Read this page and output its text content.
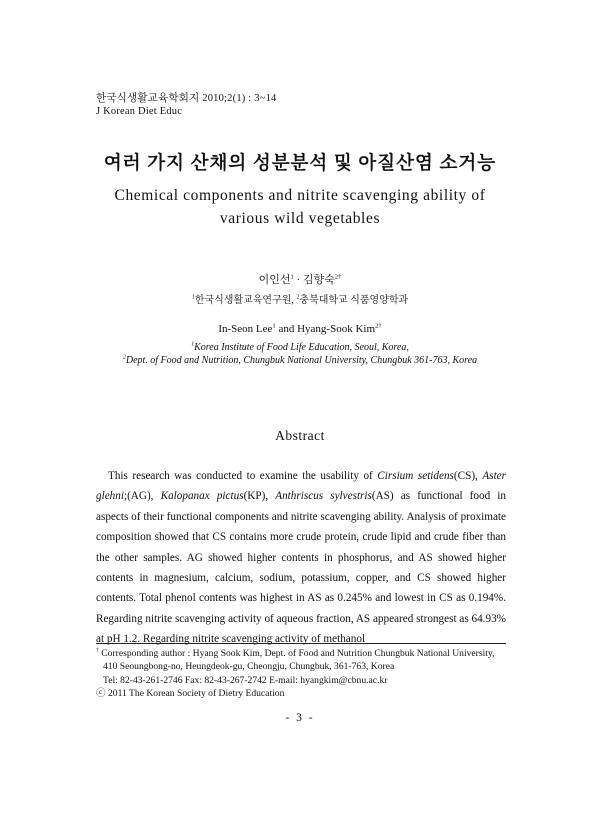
한국식생활교육학회지 2010;2(1) : 3~14
J Korean Diet Educ
여러 가지 산채의 성분분석 및 아질산염 소거능
Chemical components and nitrite scavenging ability of
various wild vegetables
이인선$^1$ · 김향숙$^{2\dagger}$
$^1$한국식생활교육연구원, $^2$충북대학교 식품영양학과
In-Seon Lee$^1$ and Hyang-Sook Kim$^{2\dagger}$
$^1$Korea Institute of Food Life Education, Seoul, Korea,
$^2$Dept. of Food and Nutrition, Chungbuk National University, Chungbuk 361-763, Korea
Abstract
This research was conducted to examine the usability of Cirsium setidens(CS), Aster glehni;(AG), Kalopanax pictus(KP), Anthriscus sylvestris(AS) as functional food in aspects of their functional components and nitrite scavenging ability. Analysis of proximate composition showed that CS contains more crude protein, crude lipid and crude fiber than the other samples. AG showed higher contents in phosphorus, and AS showed higher contents in magnesium, calcium, sodium, potassium, copper, and CS showed higher contents. Total phenol contents was highest in AS as 0.245% and lowest in CS as 0.194%. Regarding nitrite scavenging activity of aqueous fraction, AS appeared strongest as 64.93% at pH 1.2. Regarding nitrite scavenging activity of methanol
† Corresponding author : Hyang Sook Kim, Dept. of Food and Nutrition Chungbuk National University,
410 Seoungbong-no, Heungdeok-gu, Cheongju, Chungbuk, 361-763, Korea
Tel: 82-43-261-2746 Fax: 82-43-267-2742 E-mail: hyangkim@cbnu.ac.kr
ⓒ 2011 The Korean Society of Dietry Education
- 3 -
